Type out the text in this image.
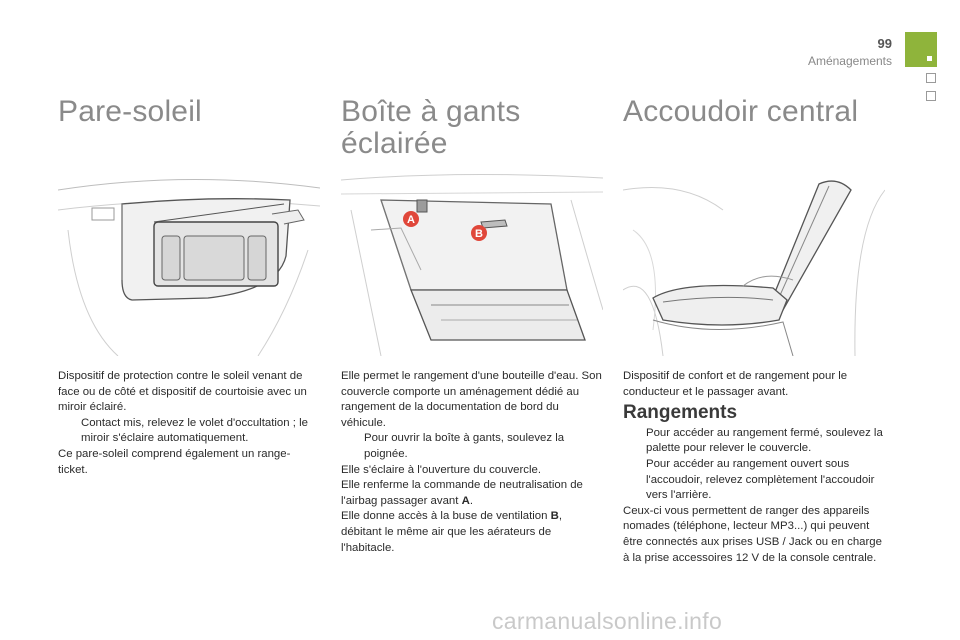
99
Aménagements
Pare-soleil

Dispositif de protection contre le soleil venant de face ou de côté et dispositif de courtoisie avec un miroir éclairé.

Contact mis, relevez le volet d'occultation ; le miroir s'éclaire automatiquement.

Ce pare-soleil comprend également un range-ticket.

Boîte à gants
éclairée
A
B

Elle permet le rangement d'une bouteille d'eau. Son couvercle comporte un aménagement dédié au rangement de la documentation de bord du véhicule.

Pour ouvrir la boîte à gants, soulevez la poignée.

Elle s'éclaire à l'ouverture du couvercle.

Elle renferme la commande de neutralisation de l'airbag passager avant A.

Elle donne accès à la buse de ventilation B, débitant le même air que les aérateurs de l'habitacle.

Accoudoir central

Dispositif de confort et de rangement pour le conducteur et le passager avant.

Rangements
Pour accéder au rangement fermé, soulevez la palette pour relever le couvercle.
Pour accéder au rangement ouvert sous l'accoudoir, relevez complètement l'accoudoir vers l'arrière.

Ceux-ci vous permettent de ranger des appareils nomades (téléphone, lecteur MP3...) qui peuvent être connectés aux prises USB / Jack ou en charge à la prise accessoires 12 V de la console centrale.

carmanualsonline.info
